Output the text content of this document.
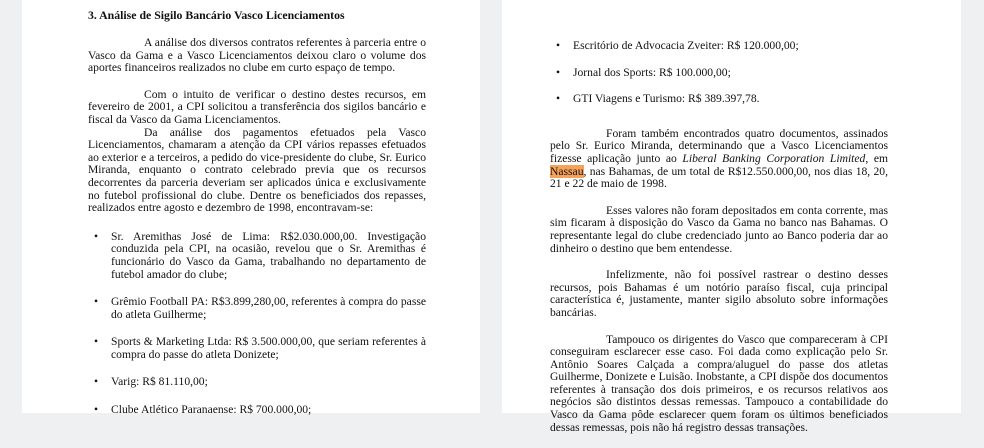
3. Análise de Sigilo Bancário Vasco Licenciamentos

A análise dos diversos contratos referentes à parceria entre o Vasco da Gama e a Vasco Licenciamentos deixou claro o volume dos aportes financeiros realizados no clube em curto espaço de tempo.

Com o intuito de verificar o destino destes recursos, em fevereiro de 2001, a CPI solicitou a transferência dos sigilos bancário e fiscal da Vasco da Gama Licenciamentos.

Da análise dos pagamentos efetuados pela Vasco Licenciamentos, chamaram a atenção da CPI vários repasses efetuados ao exterior e a terceiros, a pedido do vice-presidente do clube, Sr. Eurico Miranda, enquanto o contrato celebrado previa que os recursos decorrentes da parceria deveriam ser aplicados única e exclusivamente no futebol profissional do clube. Dentre os beneficiados dos repasses, realizados entre agosto e dezembro de 1998, encontravam-se:

• Sr. Aremithas José de Lima: R$2.030.000,00. Investigação conduzida pela CPI, na ocasião, revelou que o Sr. Aremithas é funcionário do Vasco da Gama, trabalhando no departamento de futebol amador do clube;
• Grêmio Football PA: R$3.899,280,00, referentes à compra do passe do atleta Guilherme;
• Sports & Marketing Ltda: R$ 3.500.000,00, que seriam referentes à compra do passe do atleta Donizete;
• Varig: R$ 81.110,00;
• Clube Atlético Paranaense: R$ 700.000,00;
• Escritório de Advocacia Zveiter: R$ 120.000,00;
• Jornal dos Sports: R$ 100.000,00;
• GTI Viagens e Turismo: R$ 389.397,78.

Foram também encontrados quatro documentos, assinados pelo Sr. Eurico Miranda, determinando que a Vasco Licenciamentos fizesse aplicação junto ao Liberal Banking Corporation Limited, em Nassau, nas Bahamas, de um total de R$12.550.000,00, nos dias 18, 20, 21 e 22 de maio de 1998.

Esses valores não foram depositados em conta corrente, mas sim ficaram à disposição do Vasco da Gama no banco nas Bahamas. O representante legal do clube credenciado junto ao Banco poderia dar ao dinheiro o destino que bem entendesse.

Infelizmente, não foi possível rastrear o destino desses recursos, pois Bahamas é um notório paraíso fiscal, cuja principal característica é, justamente, manter sigilo absoluto sobre informações bancárias.

Tampouco os dirigentes do Vasco que compareceram à CPI conseguiram esclarecer esse caso. Foi dada como explicação pelo Sr. Antônio Soares Calçada a compra/aluguel do passe dos atletas Guilherme, Donizete e Luisão. Inobstante, a CPI dispõe dos documentos referentes à transação dos dois primeiros, e os recursos relativos aos negócios são distintos dessas remessas. Tampouco a contabilidade do Vasco da Gama pôde esclarecer quem foram os últimos beneficiados dessas remessas, pois não há registro dessas transações.
